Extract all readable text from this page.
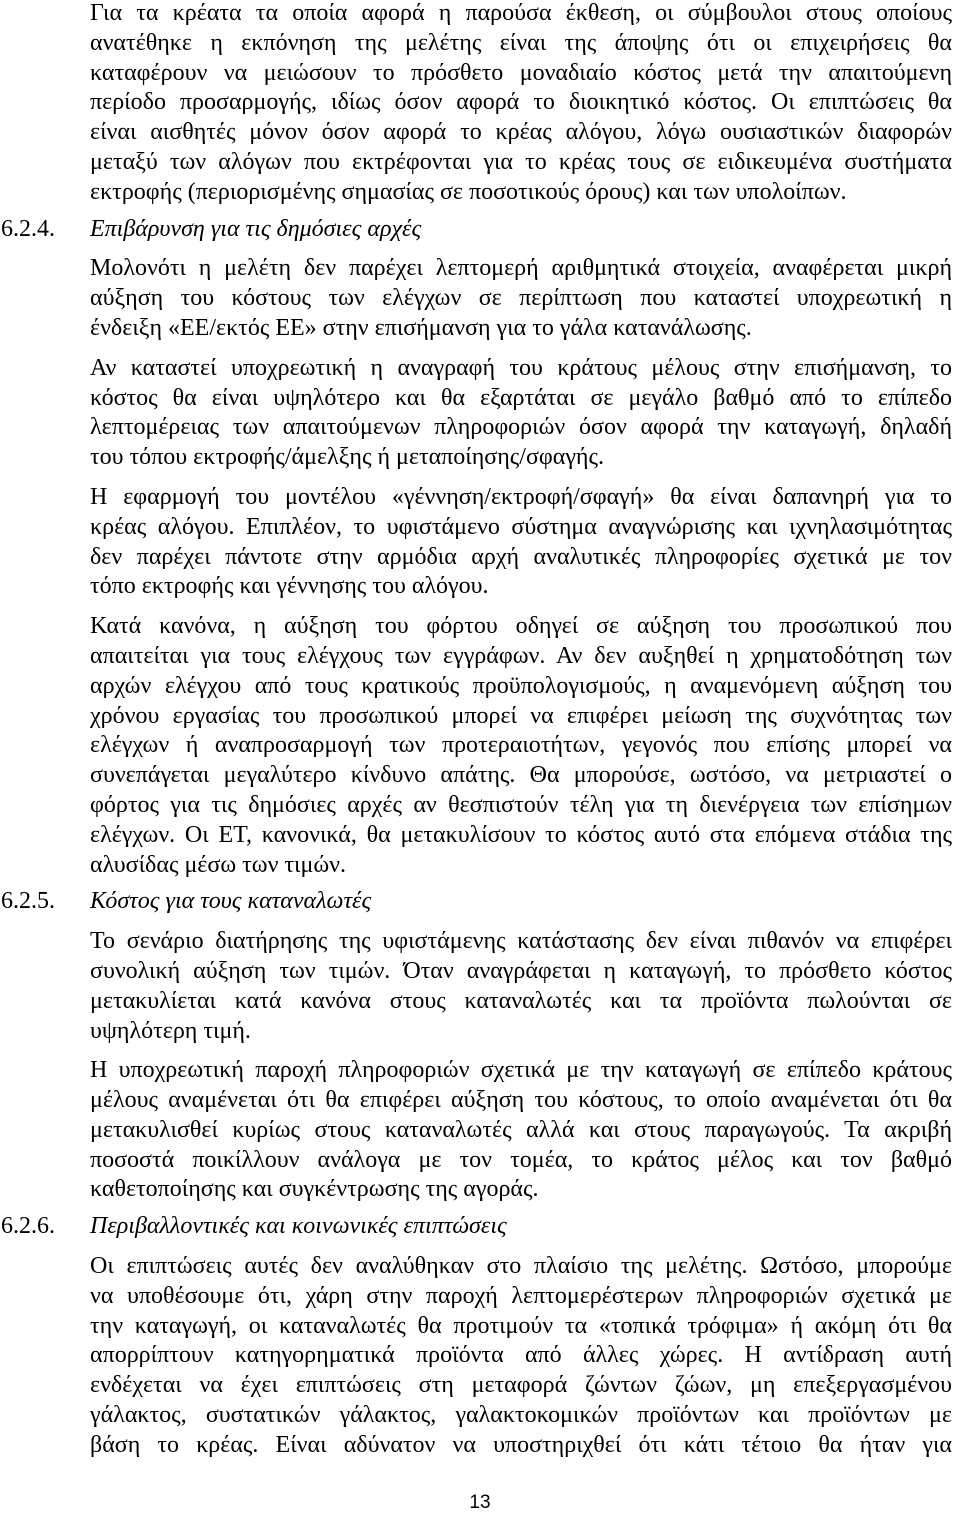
Για τα κρέατα τα οποία αφορά η παρούσα έκθεση, οι σύμβουλοι στους οποίους
ανατέθηκε η εκπόνηση της μελέτης είναι της άποψης ότι οι επιχειρήσεις θα
καταφέρουν να μειώσουν το πρόσθετο μοναδιαίο κόστος μετά την απαιτούμενη
περίοδο προσαρμογής, ιδίως όσον αφορά το διοικητικό κόστος. Οι επιπτώσεις θα
είναι αισθητές μόνον όσον αφορά το κρέας αλόγου, λόγω ουσιαστικών διαφορών
μεταξύ των αλόγων που εκτρέφονται για το κρέας τους σε ειδικευμένα συστήματα
εκτροφής (περιορισμένης σημασίας σε ποσοτικούς όρους) και των υπολοίπων.
6.2.4.	Επιβάρυνση για τις δημόσιες αρχές
Μολονότι η μελέτη δεν παρέχει λεπτομερή αριθμητικά στοιχεία, αναφέρεται μικρή
αύξηση του κόστους των ελέγχων σε περίπτωση που καταστεί υποχρεωτική η
ένδειξη «ΕΕ/εκτός ΕΕ» στην επισήμανση για το γάλα κατανάλωσης.
Αν καταστεί υποχρεωτική η αναγραφή του κράτους μέλους στην επισήμανση, το
κόστος θα είναι υψηλότερο και θα εξαρτάται σε μεγάλο βαθμό από το επίπεδο
λεπτομέρειας των απαιτούμενων πληροφοριών όσον αφορά την καταγωγή, δηλαδή
του τόπου εκτροφής/άμελξης ή μεταποίησης/σφαγής.
Η εφαρμογή του μοντέλου «γέννηση/εκτροφή/σφαγή» θα είναι δαπανηρή για το
κρέας αλόγου. Επιπλέον, το υφιστάμενο σύστημα αναγνώρισης και ιχνηλασιμότητας
δεν παρέχει πάντοτε στην αρμόδια αρχή αναλυτικές πληροφορίες σχετικά με τον
τόπο εκτροφής και γέννησης του αλόγου.
Κατά κανόνα, η αύξηση του φόρτου οδηγεί σε αύξηση του προσωπικού που
απαιτείται για τους ελέγχους των εγγράφων. Αν δεν αυξηθεί η χρηματοδότηση των
αρχών ελέγχου από τους κρατικούς προϋπολογισμούς, η αναμενόμενη αύξηση του
χρόνου εργασίας του προσωπικού μπορεί να επιφέρει μείωση της συχνότητας των
ελέγχων ή αναπροσαρμογή των προτεραιοτήτων, γεγονός που επίσης μπορεί να
συνεπάγεται μεγαλύτερο κίνδυνο απάτης. Θα μπορούσε, ωστόσο, να μετριαστεί ο
φόρτος για τις δημόσιες αρχές αν θεσπιστούν τέλη για τη διενέργεια των επίσημων
ελέγχων. Οι ΕΤ, κανονικά, θα μετακυλίσουν το κόστος αυτό στα επόμενα στάδια της
αλυσίδας μέσω των τιμών.
6.2.5.	Κόστος για τους καταναλωτές
Το σενάριο διατήρησης της υφιστάμενης κατάστασης δεν είναι πιθανόν να επιφέρει
συνολική αύξηση των τιμών. Όταν αναγράφεται η καταγωγή, το πρόσθετο κόστος
μετακυλίεται κατά κανόνα στους καταναλωτές και τα προϊόντα πωλούνται σε
υψηλότερη τιμή.
Η υποχρεωτική παροχή πληροφοριών σχετικά με την καταγωγή σε επίπεδο κράτους
μέλους αναμένεται ότι θα επιφέρει αύξηση του κόστους, το οποίο αναμένεται ότι θα
μετακυλισθεί κυρίως στους καταναλωτές αλλά και στους παραγωγούς. Τα ακριβή
ποσοστά ποικίλλουν ανάλογα με τον τομέα, το κράτος μέλος και τον βαθμό
καθετοποίησης και συγκέντρωσης της αγοράς.
6.2.6.	Περιβαλλοντικές και κοινωνικές επιπτώσεις
Οι επιπτώσεις αυτές δεν αναλύθηκαν στο πλαίσιο της μελέτης. Ωστόσο, μπορούμε
να υποθέσουμε ότι, χάρη στην παροχή λεπτομερέστερων πληροφοριών σχετικά με
την καταγωγή, οι καταναλωτές θα προτιμούν τα «τοπικά τρόφιμα» ή ακόμη ότι θα
απορρίπτουν κατηγορηματικά προϊόντα από άλλες χώρες. Η αντίδραση αυτή
ενδέχεται να έχει επιπτώσεις στη μεταφορά ζώντων ζώων, μη επεξεργασμένου
γάλακτος, συστατικών γάλακτος, γαλακτοκομικών προϊόντων και προϊόντων με
βάση το κρέας. Είναι αδύνατον να υποστηριχθεί ότι κάτι τέτοιο θα ήταν για
13
